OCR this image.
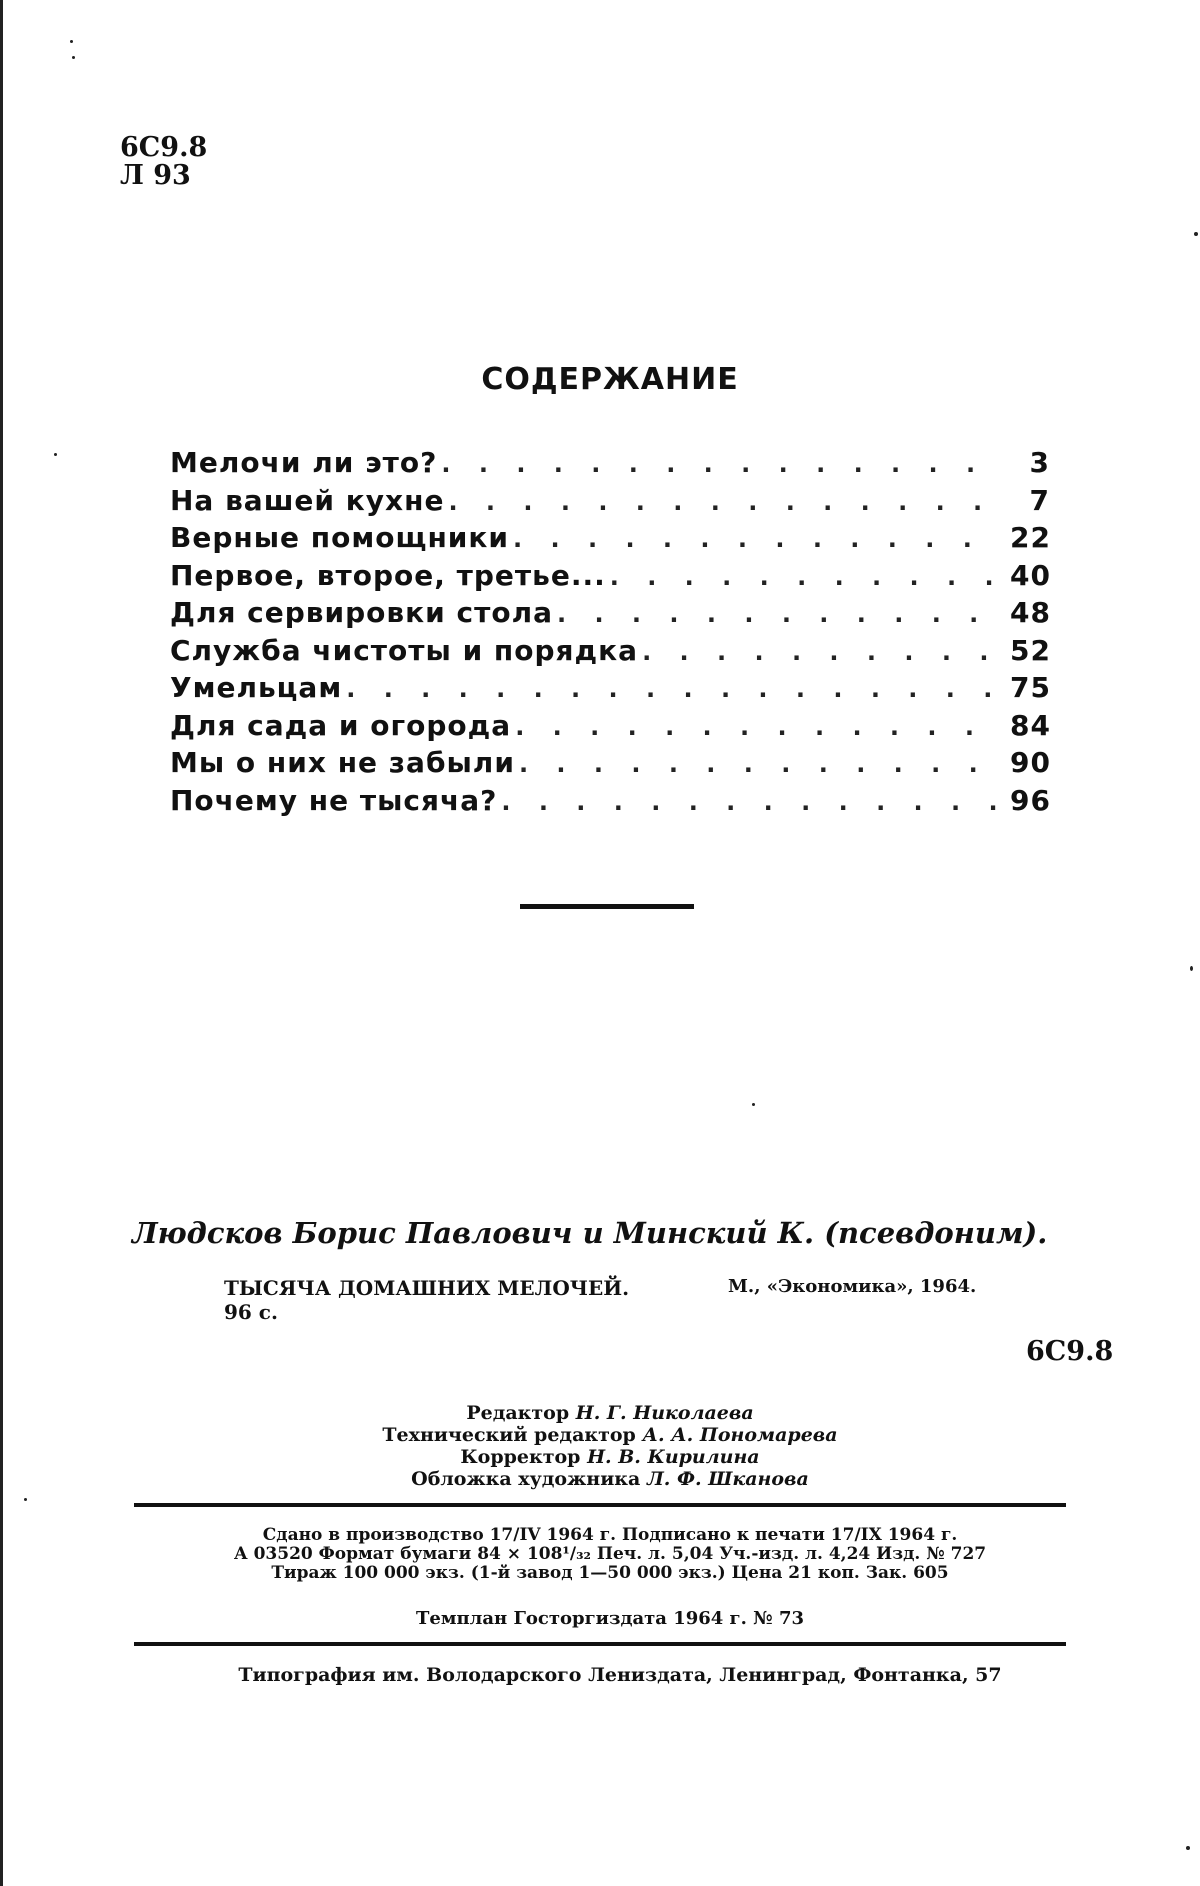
6С9.8
Л 93
СОДЕРЖАНИЕ
Мелочи ли это? . . .	3
На вашей кухне . . .	7
Верные помощники . . .	22
Первое, второе, третье... . . .	40
Для сервировки стола . . .	48
Служба чистоты и порядка . . .	52
Умельцам . . .	75
Для сада и огорода . . .	84
Мы о них не забыли . . .	90
Почему не тысяча? . . .	96
Людсков Борис Павлович и Минский К. (псевдоним).
ТЫСЯЧА ДОМАШНИХ МЕЛОЧЕЙ.	М., «Экономика», 1964.
96 с.
6С9.8
Редактор Н. Г. Николаева
Технический редактор А. А. Пономарева
Корректор Н. В. Кирилина
Обложка художника Л. Ф. Шканова
Сдано в производство 17/IV 1964 г. Подписано к печати 17/IX 1964 г.
А 03520 Формат бумаги 84 × 108¹/₃₂ Печ. л. 5,04 Уч.-изд. л. 4,24 Изд. № 727
Тираж 100 000 экз. (1-й завод 1—50 000 экз.) Цена 21 коп. Зак. 605
Темплан Госторгиздата 1964 г. № 73
Типография им. Володарского Лениздата, Ленинград, Фонтанка, 57
